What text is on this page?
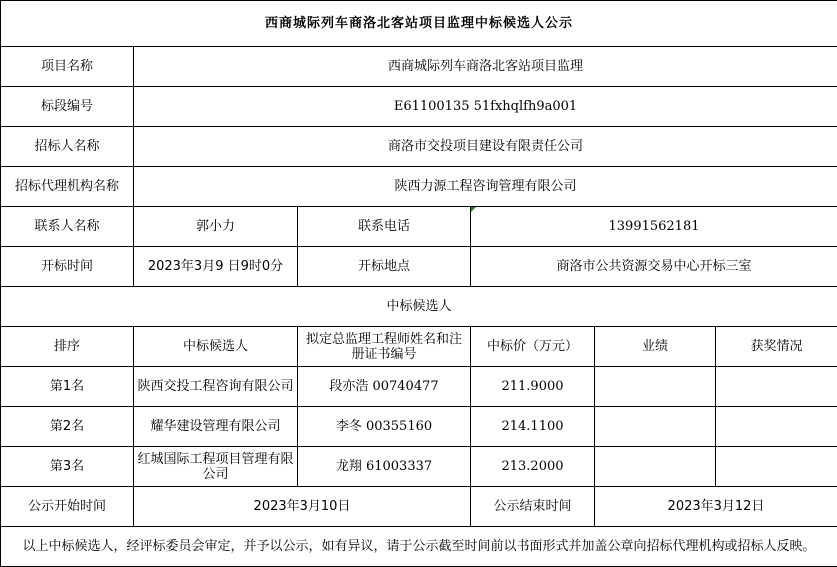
西商城际列车商洛北客站项目监理中标候选人公示					
项目名称	西商城际列车商洛北客站项目监理				
标段编号	E61100135 51fxhqlfh9a001				
招标人名称	商洛市交投项目建设有限责任公司				
招标代理机构名称	陕西力源工程咨询管理有限公司				
联系人名称	郭小力	联系电话	13991562181		
开标时间	2023年3月9 日9时0分	开标地点	商洛市公共资源交易中心开标三室		
中标候选人					
排序	中标候选人	拟定总监理工程师姓名和注册证书编号	中标价（万元）	业绩	获奖情况
第1名	陕西交投工程咨询有限公司	段亦浩 00740477	211.9000		
第2名	耀华建设管理有限公司	李冬 00355160	214.1100		
第3名	红城国际工程项目管理有限公司	龙翔 61003337	213.2000		
公示开始时间	2023年3月10日		公示结束时间	2023年3月12日	
以上中标候选人，经评标委员会审定，并予以公示，如有异议，请于公示截至时间前以书面形式并加盖公章向招标代理机构或招标人反映。					
